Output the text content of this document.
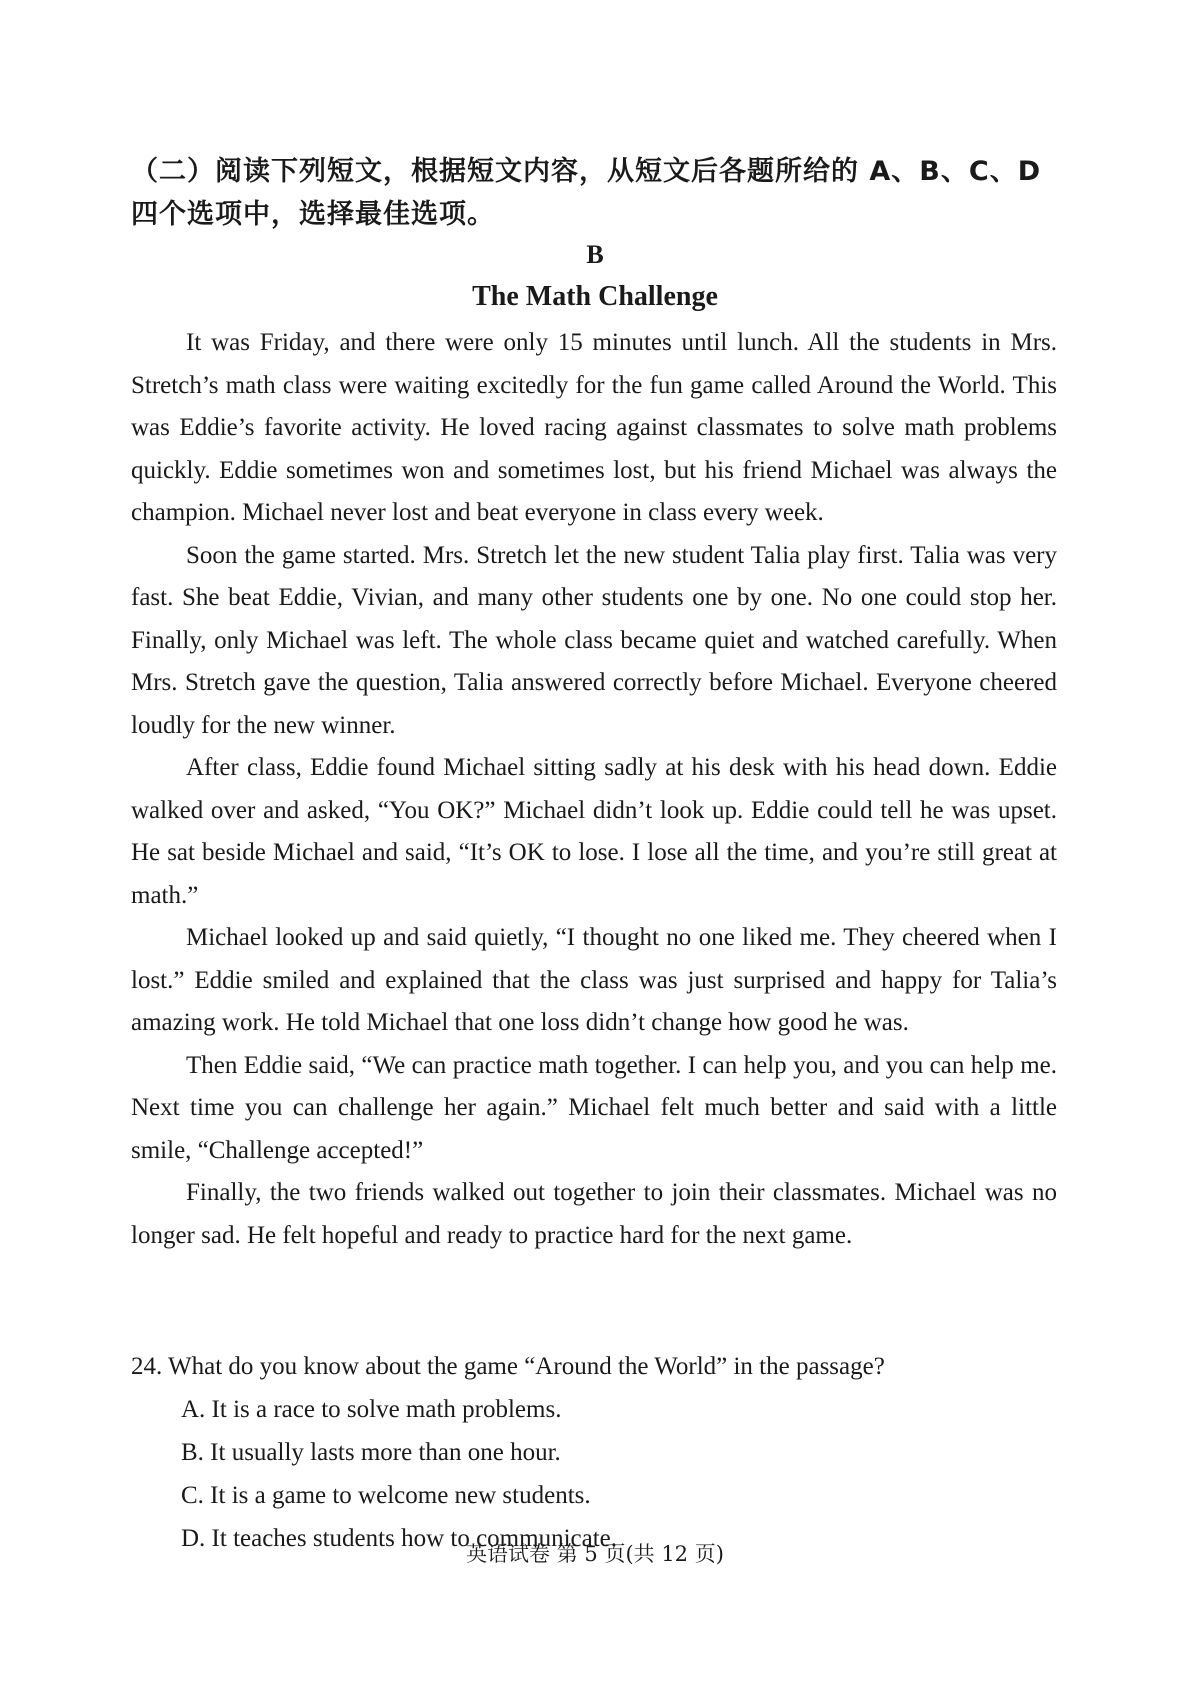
（二）阅读下列短文，根据短文内容，从短文后各题所给的 A、B、C、D 四个选项中，选择最佳选项。
B
The Math Challenge

It was Friday, and there were only 15 minutes until lunch. All the students in Mrs. Stretch’s math class were waiting excitedly for the fun game called Around the World. This was Eddie’s favorite activity. He loved racing against classmates to solve math problems quickly. Eddie sometimes won and sometimes lost, but his friend Michael was always the champion. Michael never lost and beat everyone in class every week.

Soon the game started. Mrs. Stretch let the new student Talia play first. Talia was very fast. She beat Eddie, Vivian, and many other students one by one. No one could stop her. Finally, only Michael was left. The whole class became quiet and watched carefully. When Mrs. Stretch gave the question, Talia answered correctly before Michael. Everyone cheered loudly for the new winner.

After class, Eddie found Michael sitting sadly at his desk with his head down. Eddie walked over and asked, “You OK?” Michael didn’t look up. Eddie could tell he was upset. He sat beside Michael and said, “It’s OK to lose. I lose all the time, and you’re still great at math.”

Michael looked up and said quietly, “I thought no one liked me. They cheered when I lost.” Eddie smiled and explained that the class was just surprised and happy for Talia’s amazing work. He told Michael that one loss didn’t change how good he was.

Then Eddie said, “We can practice math together. I can help you, and you can help me. Next time you can challenge her again.” Michael felt much better and said with a little smile, “Challenge accepted!”

Finally, the two friends walked out together to join their classmates. Michael was no longer sad. He felt hopeful and ready to practice hard for the next game.

24. What do you know about the game “Around the World” in the passage?

A. It is a race to solve math problems.
B. It usually lasts more than one hour.
C. It is a game to welcome new students.
D. It teaches students how to communicate.
英语试卷 第 5 页(共 12 页)
